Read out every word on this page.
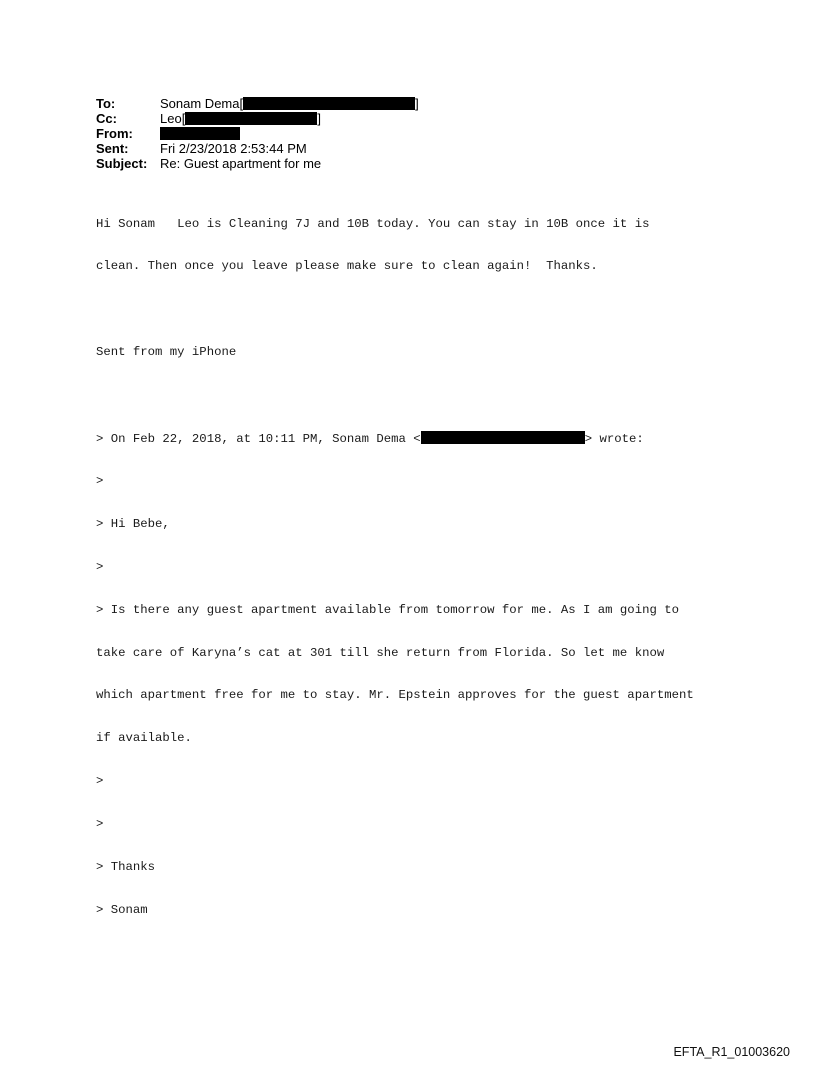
To:	Sonam Dema[	]
Cc:	Leo[	]
From:
Sent:	Fri 2/23/2018 2:53:44 PM
Subject: Re: Guest apartment for me

Hi Sonam   Leo is Cleaning 7J and 10B today. You can stay in 10B once it is

clean. Then once you leave please make sure to clean again!  Thanks.

Sent from my iPhone

> On Feb 22, 2018, at 10:11 PM, Sonam Dema <	> wrote:

>

> Hi Bebe,

>

> Is there any guest apartment available from tomorrow for me. As I am going to

take care of Karyna’s cat at 301 till she return from Florida. So let me know

which apartment free for me to stay. Mr. Epstein approves for the guest apartment

if available.

>

>

> Thanks

> Sonam

EFTA_R1_01003620
